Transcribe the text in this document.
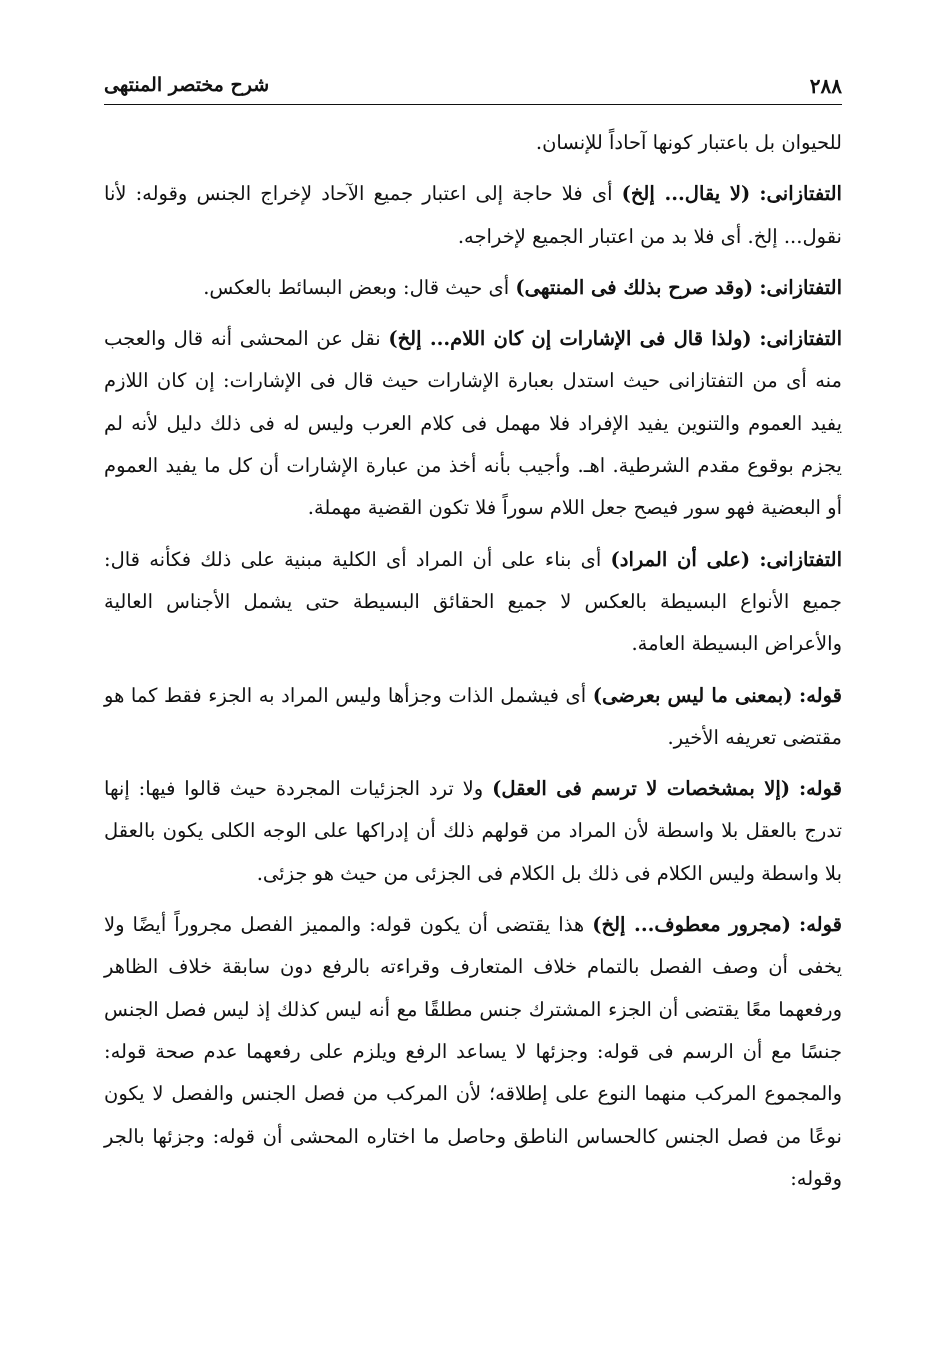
٢٨٨
شرح مختصر المنتهى

للحيوان بل باعتبار كونها آحاداً للإنسان.

التفتازانى: (لا يقال... إلخ) أى فلا حاجة إلى اعتبار جميع الآحاد لإخراج الجنس وقوله: لأنا نقول... إلخ. أى فلا بد من اعتبار الجميع لإخراجه.

التفتازانى: (وقد صرح بذلك فى المنتهى) أى حيث قال: وبعض البسائط بالعكس.

التفتازانى: (ولذا قال فى الإشارات إن كان اللام... إلخ) نقل عن المحشى أنه قال والعجب منه أى من التفتازانى حيث استدل بعبارة الإشارات حيث قال فى الإشارات: إن كان اللازم يفيد العموم والتنوين يفيد الإفراد فلا مهمل فى كلام العرب وليس له فى ذلك دليل لأنه لم يجزم بوقوع مقدم الشرطية. اهـ. وأجيب بأنه أخذ من عبارة الإشارات أن كل ما يفيد العموم أو البعضية فهو سور فيصح جعل اللام سوراً فلا تكون القضية مهملة.

التفتازانى: (على أن المراد) أى بناء على أن المراد أى الكلية مبنية على ذلك فكأنه قال: جميع الأنواع البسيطة بالعكس لا جميع الحقائق البسيطة حتى يشمل الأجناس العالية والأعراض البسيطة العامة.

قوله: (بمعنى ما ليس بعرضى) أى فيشمل الذات وجزأها وليس المراد به الجزء فقط كما هو مقتضى تعريفه الأخير.

قوله: (إلا بمشخصات لا ترسم فى العقل) ولا ترد الجزئيات المجردة حيث قالوا فيها: إنها تدرج بالعقل بلا واسطة لأن المراد من قولهم ذلك أن إدراكها على الوجه الكلى يكون بالعقل بلا واسطة وليس الكلام فى ذلك بل الكلام فى الجزئى من حيث هو جزئى.

قوله: (مجرور معطوف... إلخ) هذا يقتضى أن يكون قوله: والمميز الفصل مجروراً أيضًا ولا يخفى أن وصف الفصل بالتمام خلاف المتعارف وقراءته بالرفع دون سابقة خلاف الظاهر ورفعهما معًا يقتضى أن الجزء المشترك جنس مطلقًا مع أنه ليس كذلك إذ ليس فصل الجنس جنسًا مع أن الرسم فى قوله: وجزئها لا يساعد الرفع ويلزم على رفعهما عدم صحة قوله: والمجموع المركب منهما النوع على إطلاقه؛ لأن المركب من فصل الجنس والفصل لا يكون نوعًا من فصل الجنس كالحساس الناطق وحاصل ما اختاره المحشى أن قوله: وجزئها بالجر وقوله:
